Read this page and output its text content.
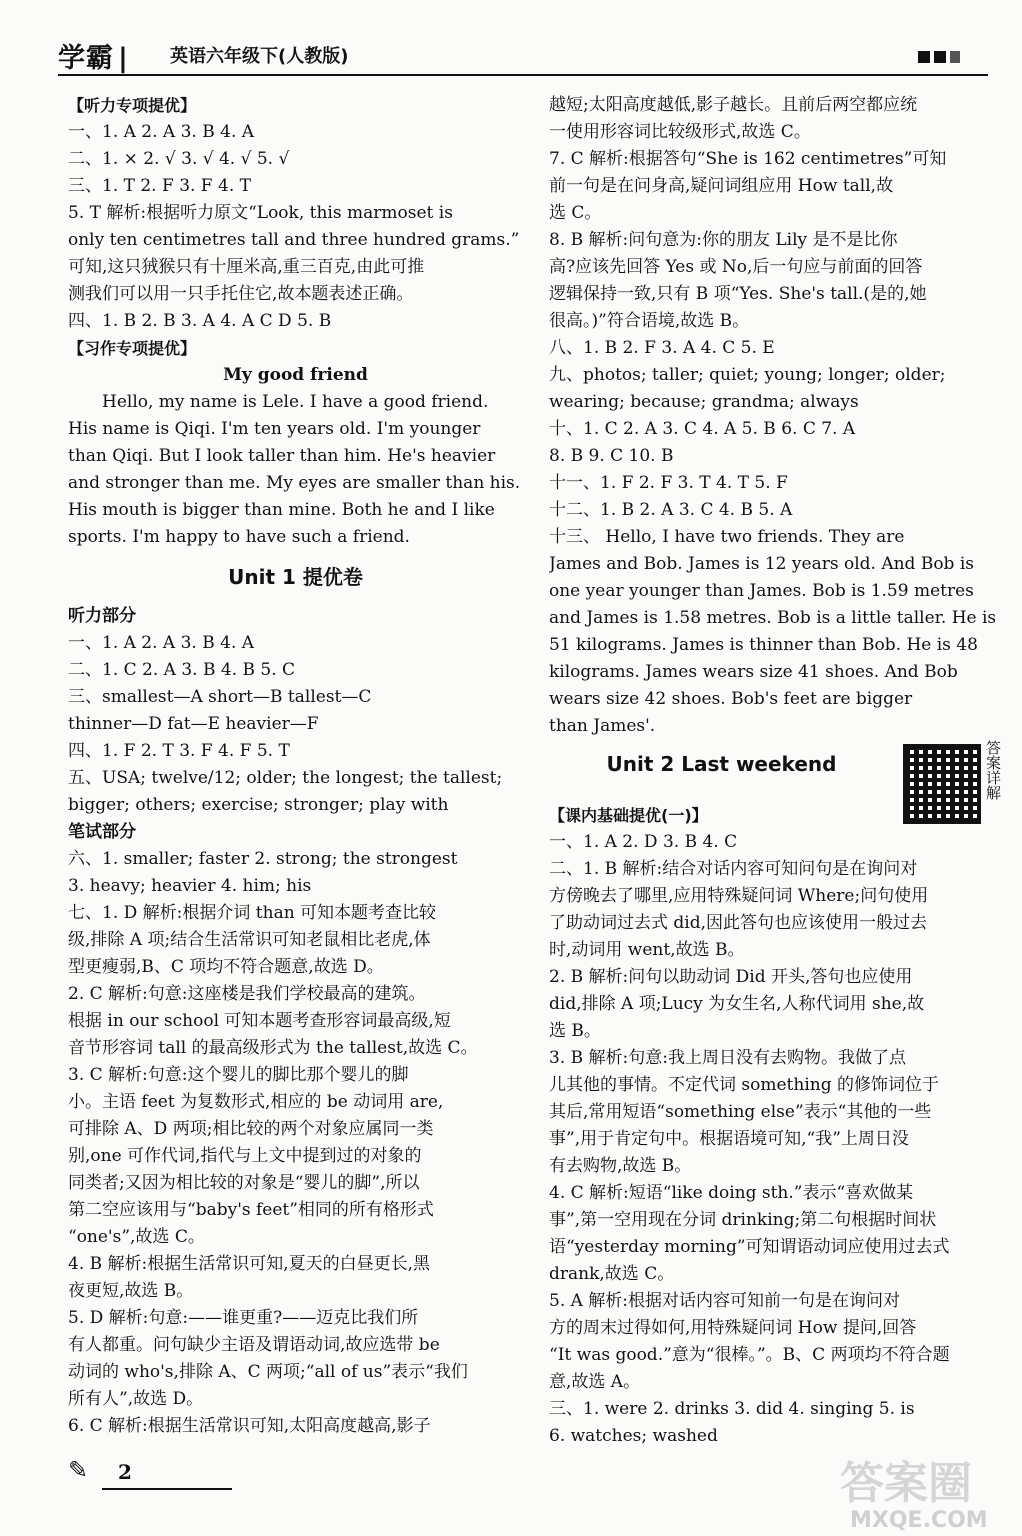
学霸 | 英语六年级下(人教版)
【听力专项提优】
一、1. A 2. A 3. B 4. A
二、1. × 2. √ 3. √ 4. √ 5. √
三、1. T 2. F 3. F 4. T
5. T 解析:根据听力原文“Look, this marmoset is
only ten centimetres tall and three hundred grams.”
可知,这只狨猴只有十厘米高,重三百克,由此可推
测我们可以用一只手托住它,故本题表述正确。
四、1. B 2. B 3. A 4. A C D 5. B
【习作专项提优】
My good friend
Hello, my name is Lele. I have a good friend.
His name is Qiqi. I'm ten years old. I'm younger
than Qiqi. But I look taller than him. He's heavier
and stronger than me. My eyes are smaller than his.
His mouth is bigger than mine. Both he and I like
sports. I'm happy to have such a friend.
Unit 1 提优卷
听力部分
一、1. A 2. A 3. B 4. A
二、1. C 2. A 3. B 4. B 5. C
三、smallest—A short—B tallest—C
thinner—D fat—E heavier—F
四、1. F 2. T 3. F 4. F 5. T
五、USA; twelve/12; older; the longest; the tallest;
bigger; others; exercise; stronger; play with
笔试部分
六、1. smaller; faster 2. strong; the strongest
3. heavy; heavier 4. him; his
七、1. D 解析:根据介词 than 可知本题考查比较
级,排除 A 项;结合生活常识可知老鼠相比老虎,体
型更瘦弱,B、C 项均不符合题意,故选 D。
2. C 解析:句意:这座楼是我们学校最高的建筑。
根据 in our school 可知本题考查形容词最高级,短
音节形容词 tall 的最高级形式为 the tallest,故选 C。
3. C 解析:句意:这个婴儿的脚比那个婴儿的脚
小。主语 feet 为复数形式,相应的 be 动词用 are,
可排除 A、D 两项;相比较的两个对象应属同一类
别,one 可作代词,指代与上文中提到过的对象的
同类者;又因为相比较的对象是“婴儿的脚”,所以
第二空应该用与“baby's feet”相同的所有格形式
“one's”,故选 C。
4. B 解析:根据生活常识可知,夏天的白昼更长,黑
夜更短,故选 B。
5. D 解析:句意:——谁更重?——迈克比我们所
有人都重。问句缺少主语及谓语动词,故应选带 be
动词的 who's,排除 A、C 两项;“all of us”表示“我们
所有人”,故选 D。
6. C 解析:根据生活常识可知,太阳高度越高,影子
越短;太阳高度越低,影子越长。且前后两空都应统
一使用形容词比较级形式,故选 C。
7. C 解析:根据答句“She is 162 centimetres”可知
前一句是在问身高,疑问词组应用 How tall,故
选 C。
8. B 解析:问句意为:你的朋友 Lily 是不是比你
高?应该先回答 Yes 或 No,后一句应与前面的回答
逻辑保持一致,只有 B 项“Yes. She's tall.(是的,她
很高。)”符合语境,故选 B。
八、1. B 2. F 3. A 4. C 5. E
九、photos; taller; quiet; young; longer; older;
wearing; because; grandma; always
十、1. C 2. A 3. C 4. A 5. B 6. C 7. A
8. B 9. C 10. B
十一、1. F 2. F 3. T 4. T 5. F
十二、1. B 2. A 3. C 4. B 5. A
十三、 Hello, I have two friends. They are
James and Bob. James is 12 years old. And Bob is
one year younger than James. Bob is 1.59 metres
and James is 1.58 metres. Bob is a little taller. He is
51 kilograms. James is thinner than Bob. He is 48
kilograms. James wears size 41 shoes. And Bob
wears size 42 shoes. Bob's feet are bigger
than James'.
【课内基础提优(一)】
一、1. A 2. D 3. B 4. C
二、1. B 解析:结合对话内容可知问句是在询问对
方傍晚去了哪里,应用特殊疑问词 Where;问句使用
了助动词过去式 did,因此答句也应该使用一般过去
时,动词用 went,故选 B。
2. B 解析:问句以助动词 Did 开头,答句也应使用
did,排除 A 项;Lucy 为女生名,人称代词用 she,故
选 B。
3. B 解析:句意:我上周日没有去购物。我做了点
儿其他的事情。不定代词 something 的修饰词位于
其后,常用短语“something else”表示“其他的一些
事”,用于肯定句中。根据语境可知,“我”上周日没
有去购物,故选 B。
4. C 解析:短语“like doing sth.”表示“喜欢做某
事”,第一空用现在分词 drinking;第二句根据时间状
语“yesterday morning”可知谓语动词应使用过去式
drank,故选 C。
5. A 解析:根据对话内容可知前一句是在询问对
方的周末过得如何,用特殊疑问词 How 提问,回答
“It was good.”意为“很棒。”。B、C 两项均不符合题
意,故选 A。
三、1. were 2. drinks 3. did 4. singing 5. is
6. watches; washed
Unit 2 Last weekend	答案详解
✎ 2	答案圈
MXQE.COM
